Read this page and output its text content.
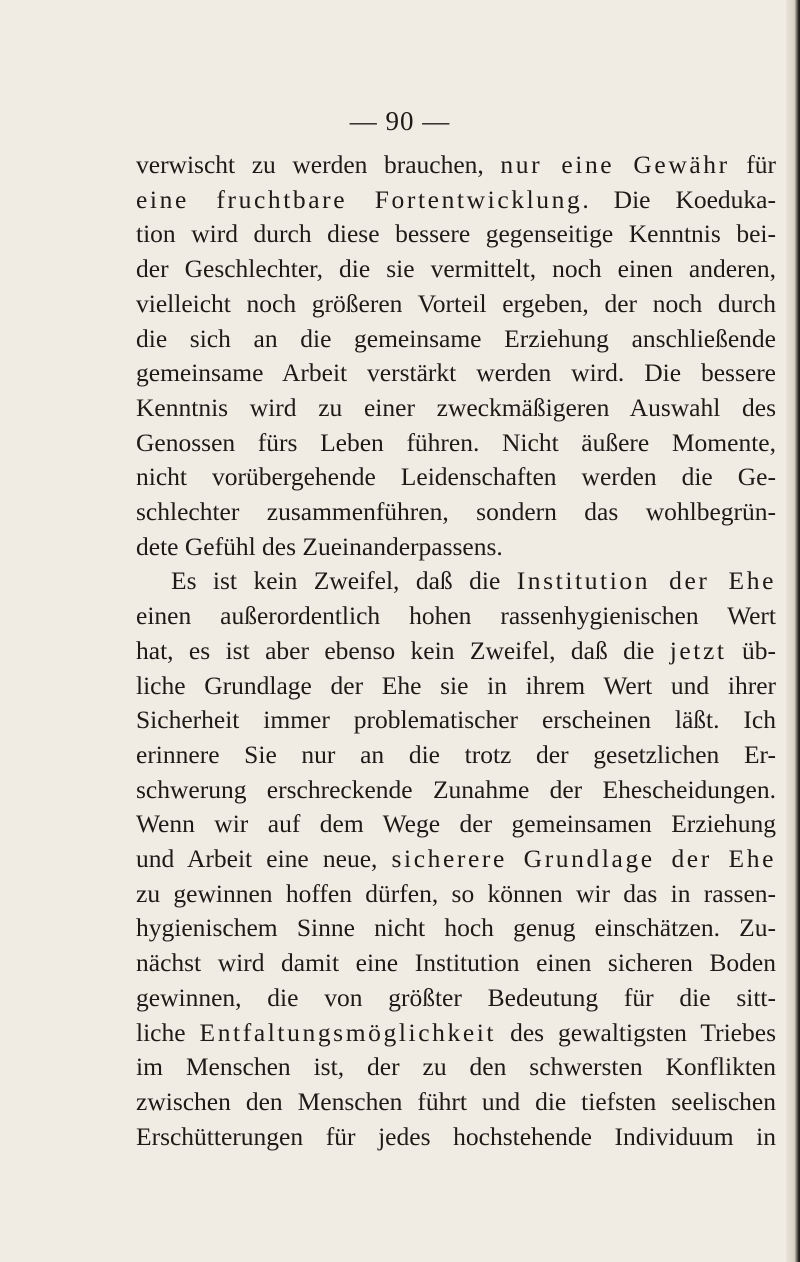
— 90 —
verwischt zu werden brauchen, nur eine Gewähr für
eine fruchtbare Fortentwicklung. Die Koeduka-
tion wird durch diese bessere gegenseitige Kenntnis bei-
der Geschlechter, die sie vermittelt, noch einen anderen,
vielleicht noch größeren Vorteil ergeben, der noch durch
die sich an die gemeinsame Erziehung anschließende
gemeinsame Arbeit verstärkt werden wird. Die bessere
Kenntnis wird zu einer zweckmäßigeren Auswahl des
Genossen fürs Leben führen. Nicht äußere Momente,
nicht vorübergehende Leidenschaften werden die Ge-
schlechter zusammenführen, sondern das wohlbegrün-
dete Gefühl des Zueinanderpassens.
Es ist kein Zweifel, daß die Institution der Ehe
einen außerordentlich hohen rassenhygienischen Wert
hat, es ist aber ebenso kein Zweifel, daß die jetzt üb-
liche Grundlage der Ehe sie in ihrem Wert und ihrer
Sicherheit immer problematischer erscheinen läßt. Ich
erinnere Sie nur an die trotz der gesetzlichen Er-
schwerung erschreckende Zunahme der Ehescheidungen.
Wenn wir auf dem Wege der gemeinsamen Erziehung
und Arbeit eine neue, sicherere Grundlage der Ehe
zu gewinnen hoffen dürfen, so können wir das in rassen-
hygienischem Sinne nicht hoch genug einschätzen. Zu-
nächst wird damit eine Institution einen sicheren Boden
gewinnen, die von größter Bedeutung für die sitt-
liche Entfaltungsmöglichkeit des gewaltigsten Triebes
im Menschen ist, der zu den schwersten Konflikten
zwischen den Menschen führt und die tiefsten seelischen
Erschütterungen für jedes hochstehende Individuum in
